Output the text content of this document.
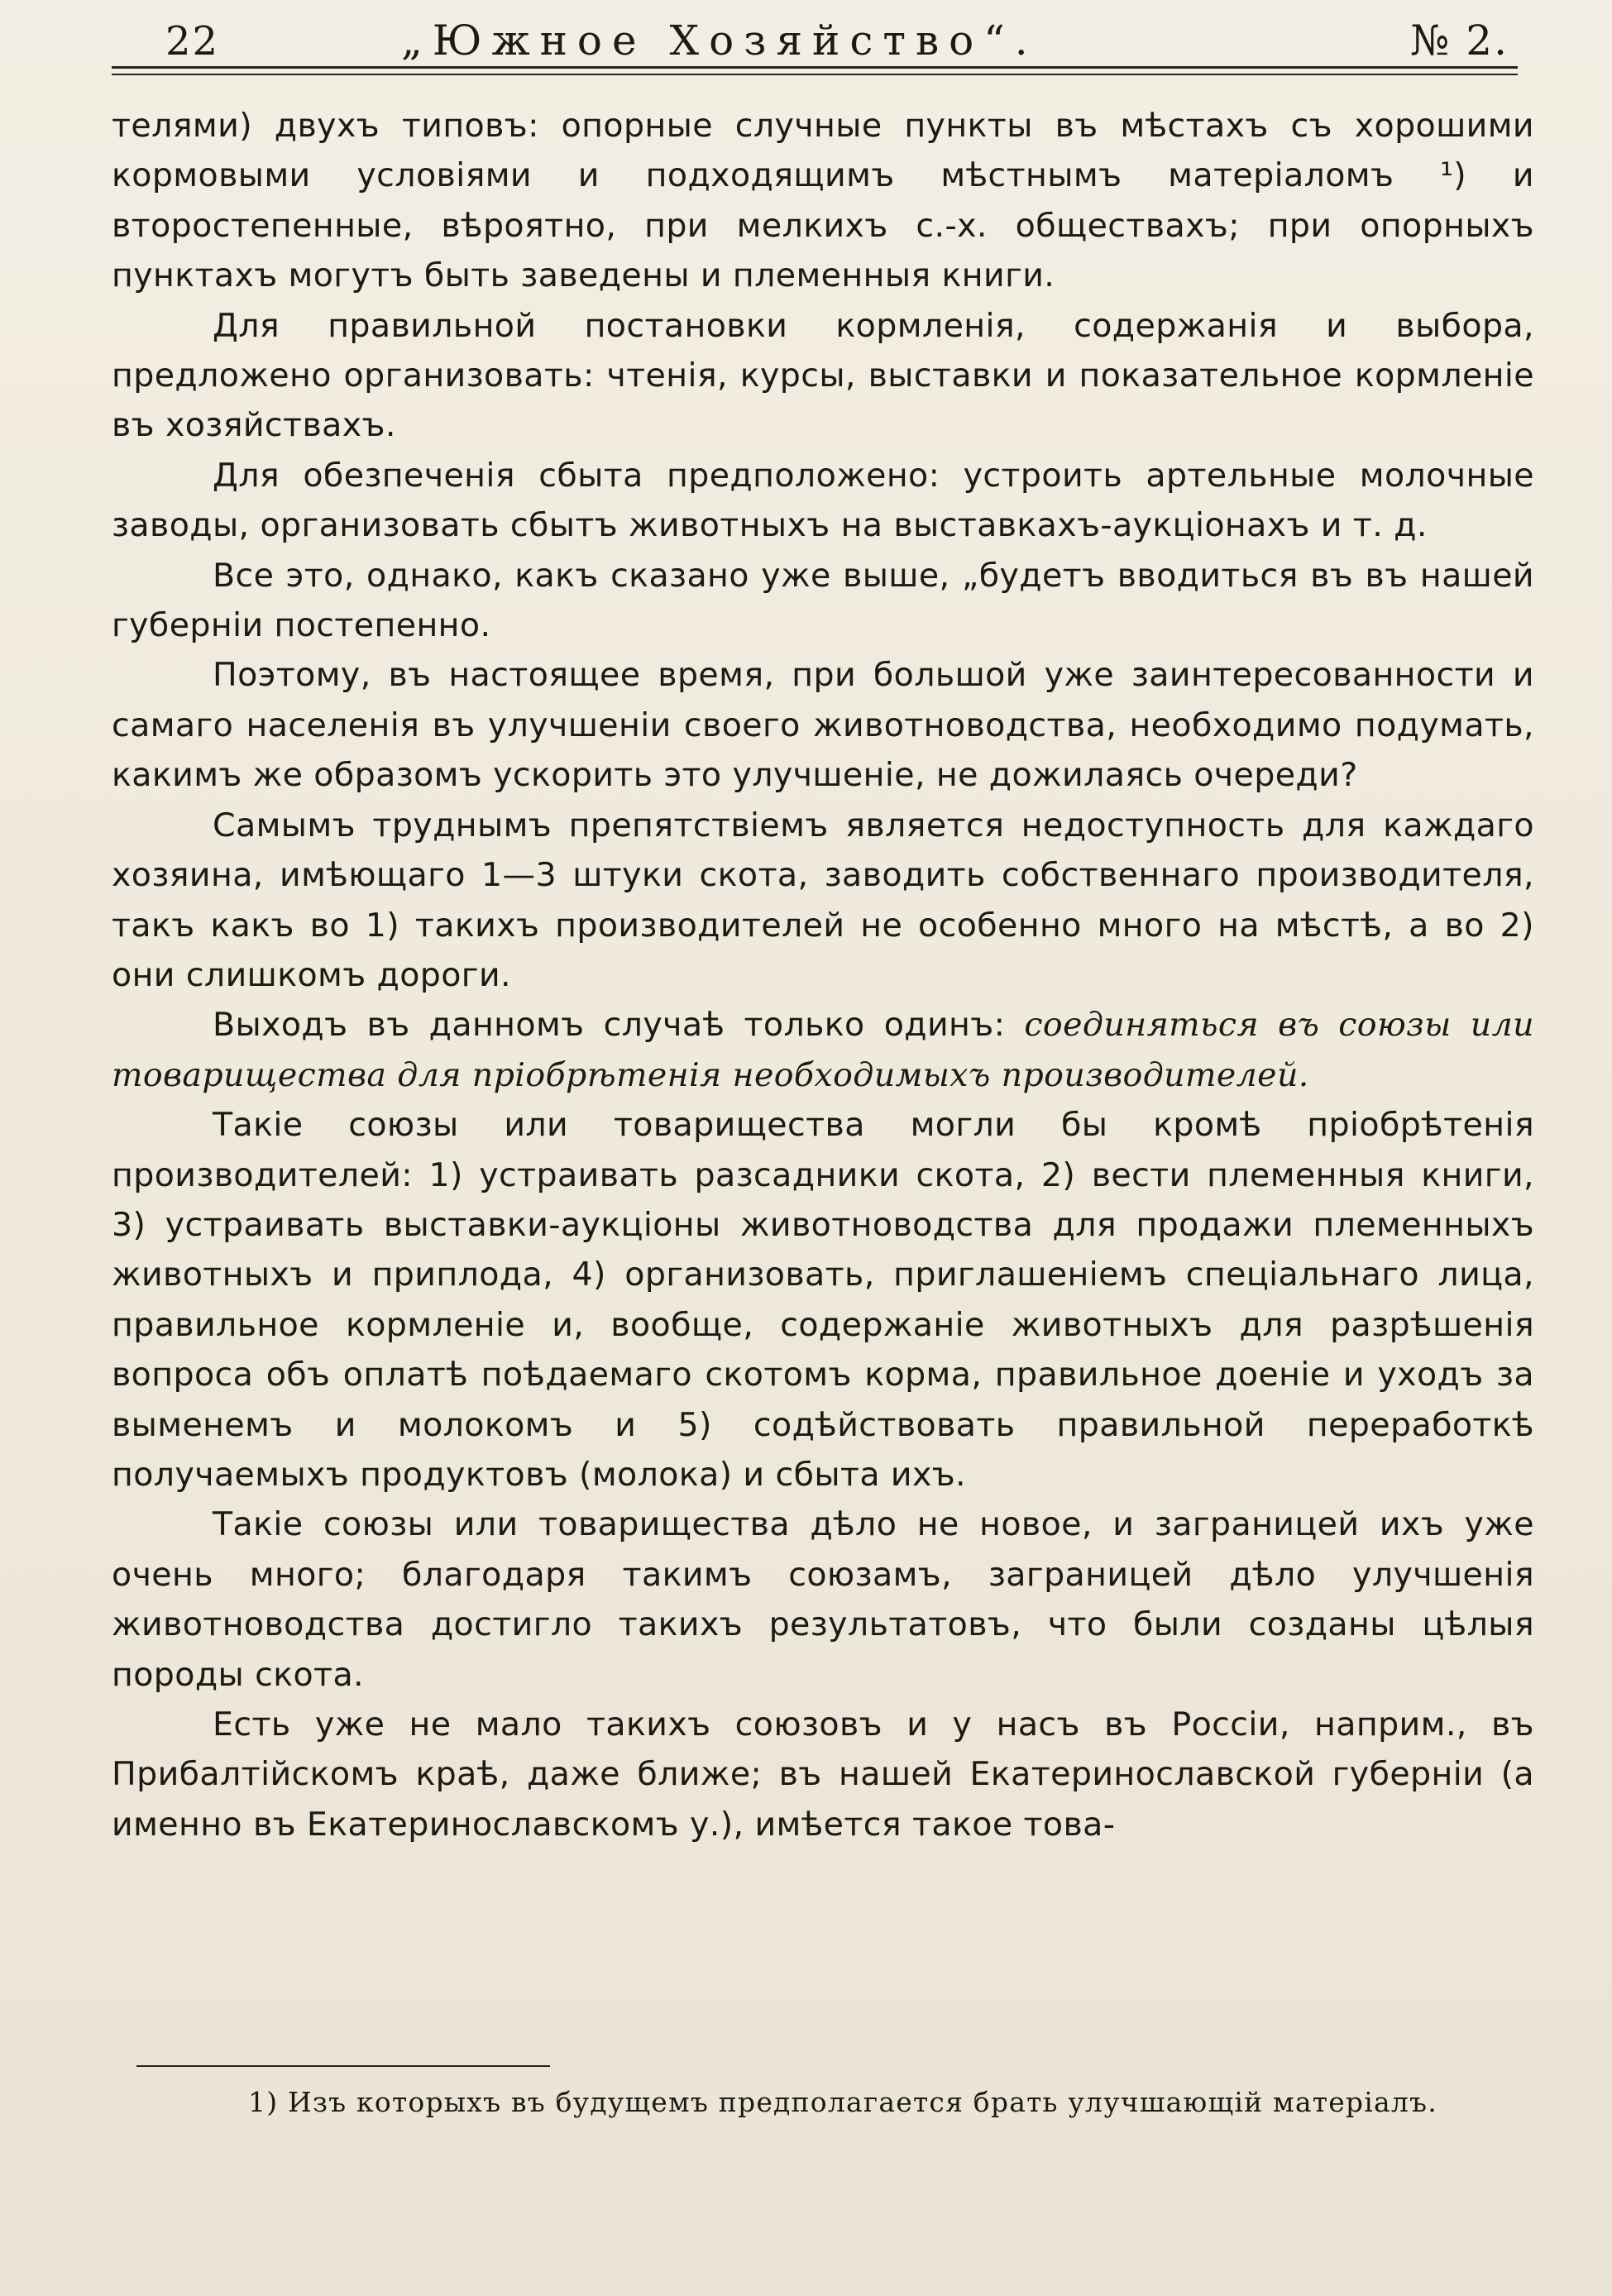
22	„Южное Хозяйство“.	№ 2.

телями) двухъ типовъ: опорные случные пункты въ мѣстахъ съ хорошими кормовыми условіями и подходящимъ мѣстнымъ матеріаломъ ¹) и второстепенные, вѣроятно, при мелкихъ с.-х. обществахъ; при опорныхъ пунктахъ могутъ быть заведены и племенныя книги.

Для правильной постановки кормленія, содержанія и выбора, предложено организовать: чтенія, курсы, выставки и показательное кормленіе въ хозяйствахъ.

Для обезпеченія сбыта предположено: устроить артельные молочные заводы, организовать сбытъ животныхъ на выставкахъ-аукціонахъ и т. д.

Все это, однако, какъ сказано уже выше, „будетъ вводиться въ въ нашей губерніи постепенно.

Поэтому, въ настоящее время, при большой уже заинтересованности и самаго населенія въ улучшеніи своего животноводства, необходимо подумать, какимъ же образомъ ускорить это улучшеніе, не дожилаясь очереди?

Самымъ труднымъ препятствіемъ является недоступность для каждаго хозяина, имѣющаго 1—3 штуки скота, заводить собственнаго производителя, такъ какъ во 1) такихъ производителей не особенно много на мѣстѣ, а во 2) они слишкомъ дороги.

Выходъ въ данномъ случаѣ только одинъ: соединяться въ союзы или товарищества для пріобрѣтенія необходимыхъ производителей.

Такіе союзы или товарищества могли бы кромѣ пріобрѣтенія производителей: 1) устраивать разсадники скота, 2) вести племенныя книги, 3) устраивать выставки-аукціоны животноводства для продажи племенныхъ животныхъ и приплода, 4) организовать, приглашеніемъ спеціальнаго лица, правильное кормленіе и, вообще, содержаніе животныхъ для разрѣшенія вопроса объ оплатѣ поѣдаемаго скотомъ корма, правильное доеніе и уходъ за выменемъ и молокомъ и 5) содѣйствовать правильной переработкѣ получаемыхъ продуктовъ (молока) и сбыта ихъ.

Такіе союзы или товарищества дѣло не новое, и заграницей ихъ уже очень много; благодаря такимъ союзамъ, заграницей дѣло улучшенія животноводства достигло такихъ результатовъ, что были созданы цѣлыя породы скота.

Есть уже не мало такихъ союзовъ и у насъ въ Россіи, наприм., въ Прибалтійскомъ краѣ, даже ближе; въ нашей Екатеринославской губерніи (а именно въ Екатеринославскомъ у.), имѣется такое това-

1) Изъ которыхъ въ будущемъ предполагается брать улучшающій матеріалъ.
